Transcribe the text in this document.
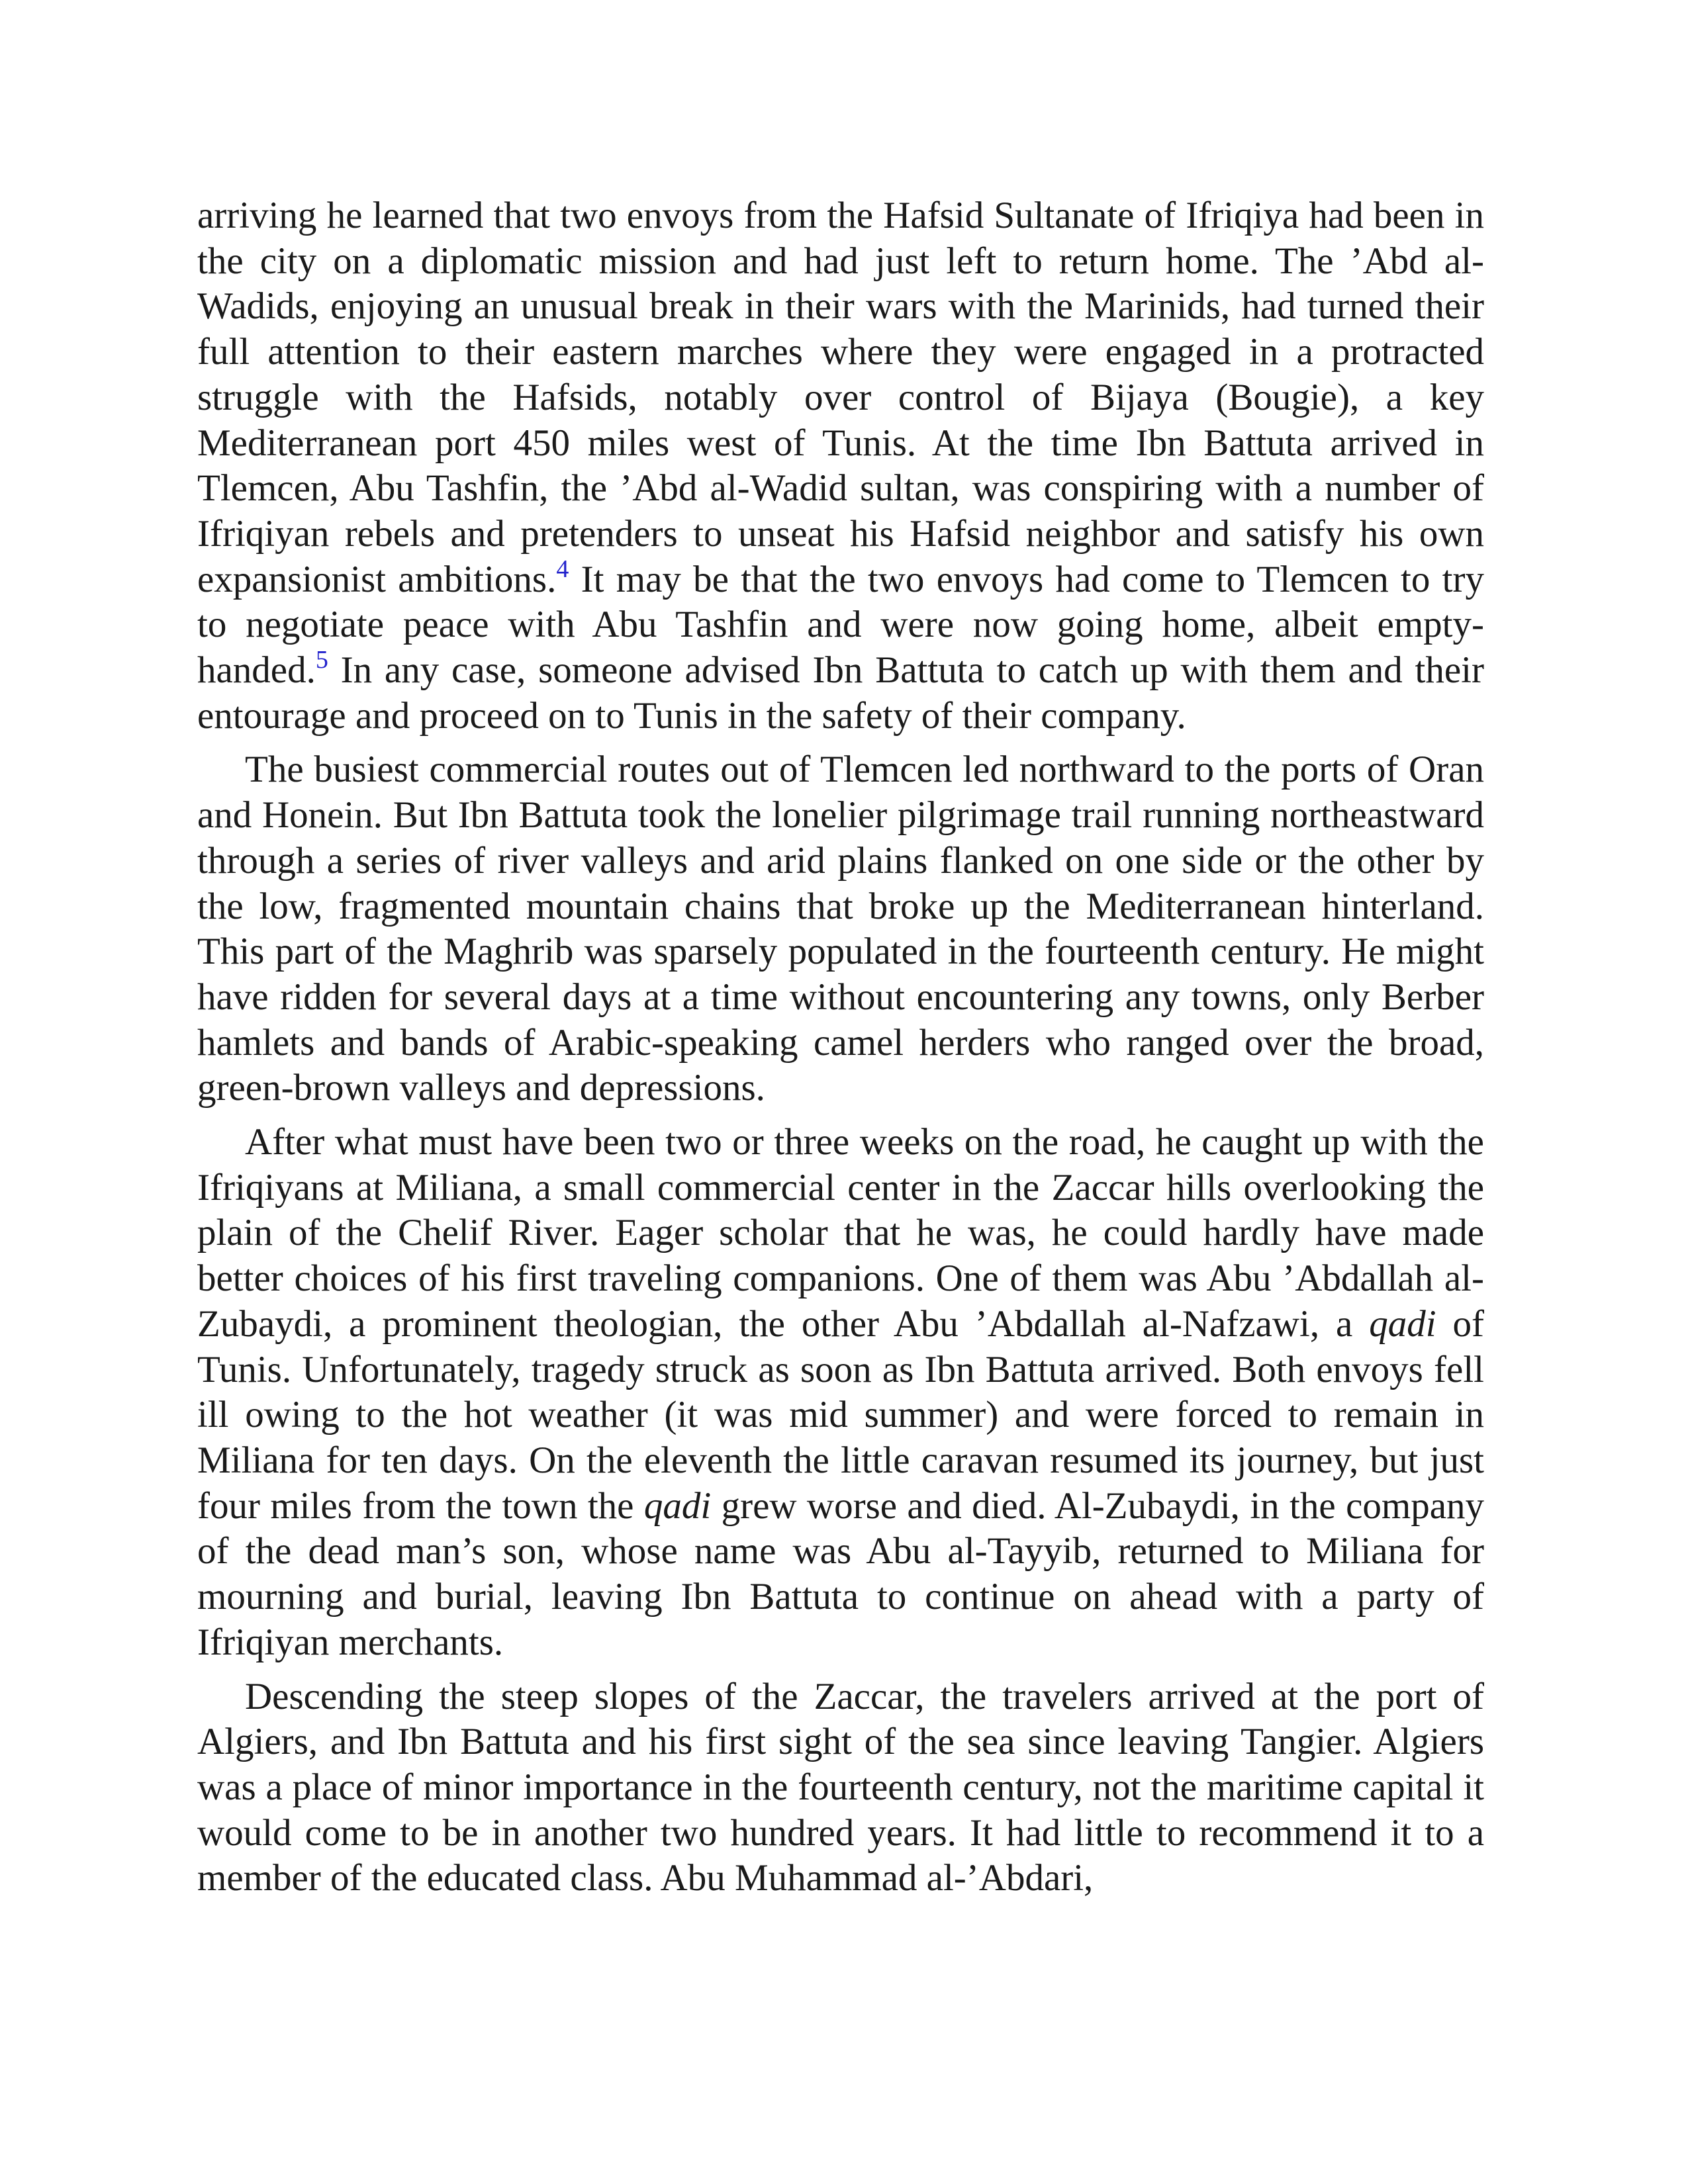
arriving he learned that two envoys from the Hafsid Sultanate of Ifriqiya had been in the city on a diplomatic mission and had just left to return home. The ’Abd al-Wadids, enjoying an unusual break in their wars with the Marinids, had turned their full attention to their eastern marches where they were engaged in a protracted struggle with the Hafsids, notably over control of Bijaya (Bougie), a key Mediterranean port 450 miles west of Tunis. At the time Ibn Battuta arrived in Tlemcen, Abu Tashfin, the ’Abd al-Wadid sultan, was conspiring with a number of Ifriqiyan rebels and pretenders to unseat his Hafsid neighbor and satisfy his own expansionist ambitions.$^4$ It may be that the two envoys had come to Tlemcen to try to negotiate peace with Abu Tashfin and were now going home, albeit empty-handed.$^5$ In any case, someone advised Ibn Battuta to catch up with them and their entourage and proceed on to Tunis in the safety of their company.

The busiest commercial routes out of Tlemcen led northward to the ports of Oran and Honein. But Ibn Battuta took the lonelier pilgrimage trail running northeastward through a series of river valleys and arid plains flanked on one side or the other by the low, fragmented mountain chains that broke up the Mediterranean hinterland. This part of the Maghrib was sparsely populated in the fourteenth century. He might have ridden for several days at a time without encountering any towns, only Berber hamlets and bands of Arabic-speaking camel herders who ranged over the broad, green-brown valleys and depressions.

After what must have been two or three weeks on the road, he caught up with the Ifriqiyans at Miliana, a small commercial center in the Zaccar hills overlooking the plain of the Chelif River. Eager scholar that he was, he could hardly have made better choices of his first traveling companions. One of them was Abu ’Abdallah al-Zubaydi, a prominent theologian, the other Abu ’Abdallah al-Nafzawi, a qadi of Tunis. Unfortunately, tragedy struck as soon as Ibn Battuta arrived. Both envoys fell ill owing to the hot weather (it was mid summer) and were forced to remain in Miliana for ten days. On the eleventh the little caravan resumed its journey, but just four miles from the town the qadi grew worse and died. Al-Zubaydi, in the company of the dead man’s son, whose name was Abu al-Tayyib, returned to Miliana for mourning and burial, leaving Ibn Battuta to continue on ahead with a party of Ifriqiyan merchants.

Descending the steep slopes of the Zaccar, the travelers arrived at the port of Algiers, and Ibn Battuta and his first sight of the sea since leaving Tangier. Algiers was a place of minor importance in the fourteenth century, not the maritime capital it would come to be in another two hundred years. It had little to recommend it to a member of the educated class. Abu Muhammad al-’Abdari,
